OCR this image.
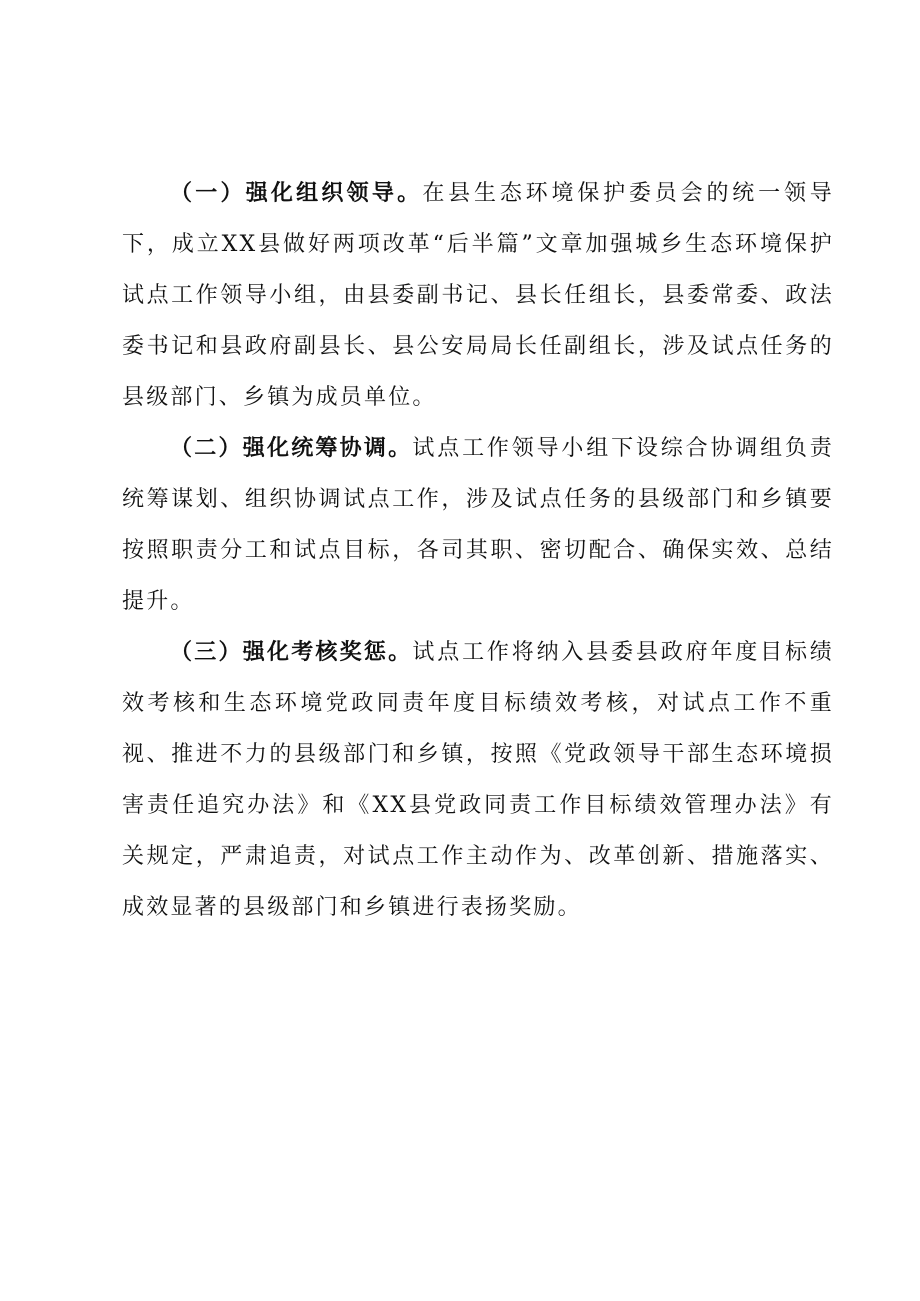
（一）强化组织领导。在县生态环境保护委员会的统一领导下，成立XX县做好两项改革“后半篇”文章加强城乡生态环境保护试点工作领导小组，由县委副书记、县长任组长，县委常委、政法委书记和县政府副县长、县公安局局长任副组长，涉及试点任务的县级部门、乡镇为成员单位。

（二）强化统筹协调。试点工作领导小组下设综合协调组负责统筹谋划、组织协调试点工作，涉及试点任务的县级部门和乡镇要按照职责分工和试点目标，各司其职、密切配合、确保实效、总结提升。

（三）强化考核奖惩。试点工作将纳入县委县政府年度目标绩效考核和生态环境党政同责年度目标绩效考核，对试点工作不重视、推进不力的县级部门和乡镇，按照《党政领导干部生态环境损害责任追究办法》和《XX县党政同责工作目标绩效管理办法》有关规定，严肃追责，对试点工作主动作为、改革创新、措施落实、成效显著的县级部门和乡镇进行表扬奖励。
